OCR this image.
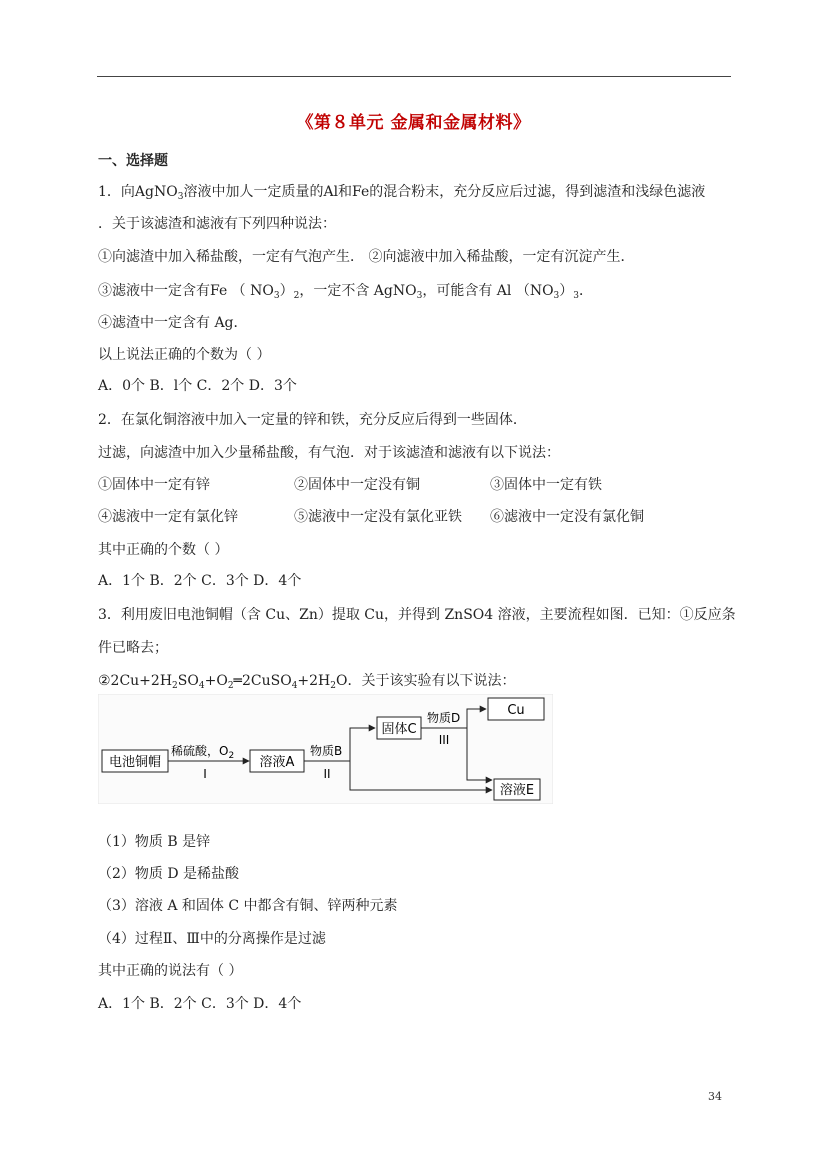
《第８单元 金属和金属材料》
一、选择题
1．向AgNO$_3$溶液中加人一定质量的Al和Fe的混合粉末，充分反应后过滤，得到滤渣和浅绿色滤液
．关于该滤渣和滤液有下列四种说法：
①向滤渣中加入稀盐酸，一定有气泡产生． ②向滤液中加入稀盐酸，一定有沉淀产生．
③滤液中一定含有Fe （ $NO_3)_2$，一定不含 AgNO$_3$，可能含有 Al $(NO_3)_3$．
④滤渣中一定含有 Ag．
以上说法正确的个数为（ ）
A．0个 B．l个 C．2个 D．3个
2．在氯化铜溶液中加入一定量的锌和铁，充分反应后得到一些固体．
过滤，向滤渣中加入少量稀盐酸，有气泡．对于该滤渣和滤液有以下说法：
①固体中一定有锌	②固体中一定没有铜	③固体中一定有铁
④滤液中一定有氯化锌	⑤滤液中一定没有氯化亚铁 ⑥滤液中一定没有氯化铜
其中正确的个数（ ）
A．1个 B．2个 C．3个 D．4个
3．利用废旧电池铜帽（含 Cu、Zn）提取 Cu，并得到 ZnSO4 溶液，主要流程如图．已知：①反应条
件已略去；
$②2Cu+2H_2SO_4+O_2═2CuSO_4+2H_2O$．关于该实验有以下说法：
电池铜帽	溶液A
固体C
Cu
溶液E
稀硫酸，$O_2$
I
物质B
II
物质D
III
（1）物质 B 是锌
（2）物质 D 是稀盐酸
（3）溶液 A 和固体 C 中都含有铜、锌两种元素
（4）过程Ⅱ、Ⅲ中的分离操作是过滤
其中正确的说法有（ ）
A．1个 B．2个 C．3个 D．4个
34
